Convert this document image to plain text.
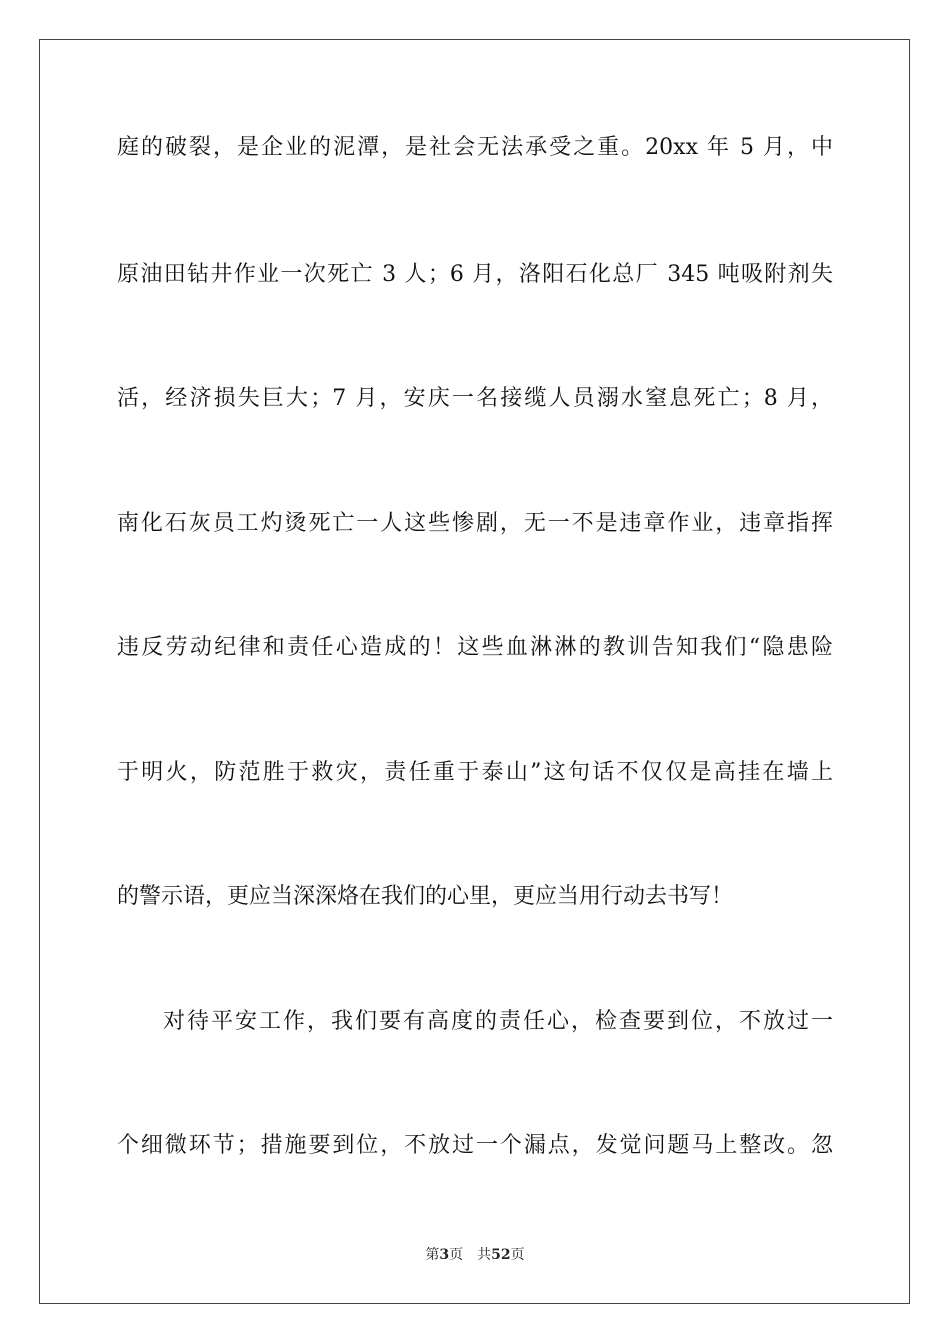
庭的破裂，是企业的泥潭，是社会无法承受之重。20xx 年 5 月，中
原油田钻井作业一次死亡 3 人；6 月，洛阳石化总厂 345 吨吸附剂失
活，经济损失巨大；7 月，安庆一名接缆人员溺水窒息死亡；8 月，
南化石灰员工灼烫死亡一人这些惨剧，无一不是违章作业，违章指挥
违反劳动纪律和责任心造成的！这些血淋淋的教训告知我们“隐患险
于明火，防范胜于救灾，责任重于泰山”这句话不仅仅是高挂在墙上
的警示语，更应当深深烙在我们的心里，更应当用行动去书写！
对待平安工作，我们要有高度的责任心，检查要到位，不放过一
个细微环节；措施要到位，不放过一个漏点，发觉问题马上整改。忽
第3页 共52页
